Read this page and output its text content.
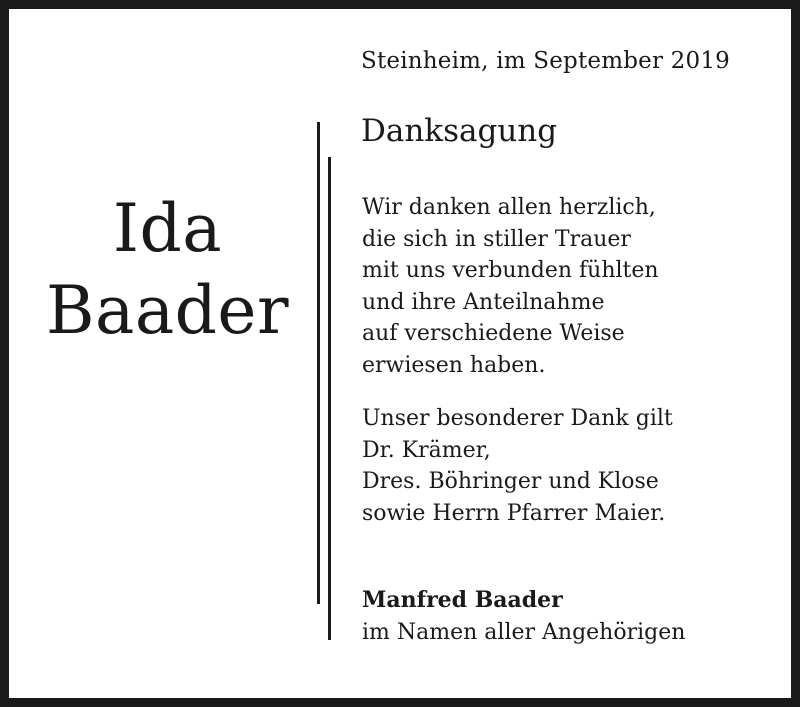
Steinheim, im September 2019
Ida
Baader
Danksagung
Wir danken allen herzlich,
die sich in stiller Trauer
mit uns verbunden fühlten
und ihre Anteilnahme
auf verschiedene Weise
erwiesen haben.
Unser besonderer Dank gilt
Dr. Krämer,
Dres. Böhringer und Klose
sowie Herrn Pfarrer Maier.
Manfred Baader
im Namen aller Angehörigen
